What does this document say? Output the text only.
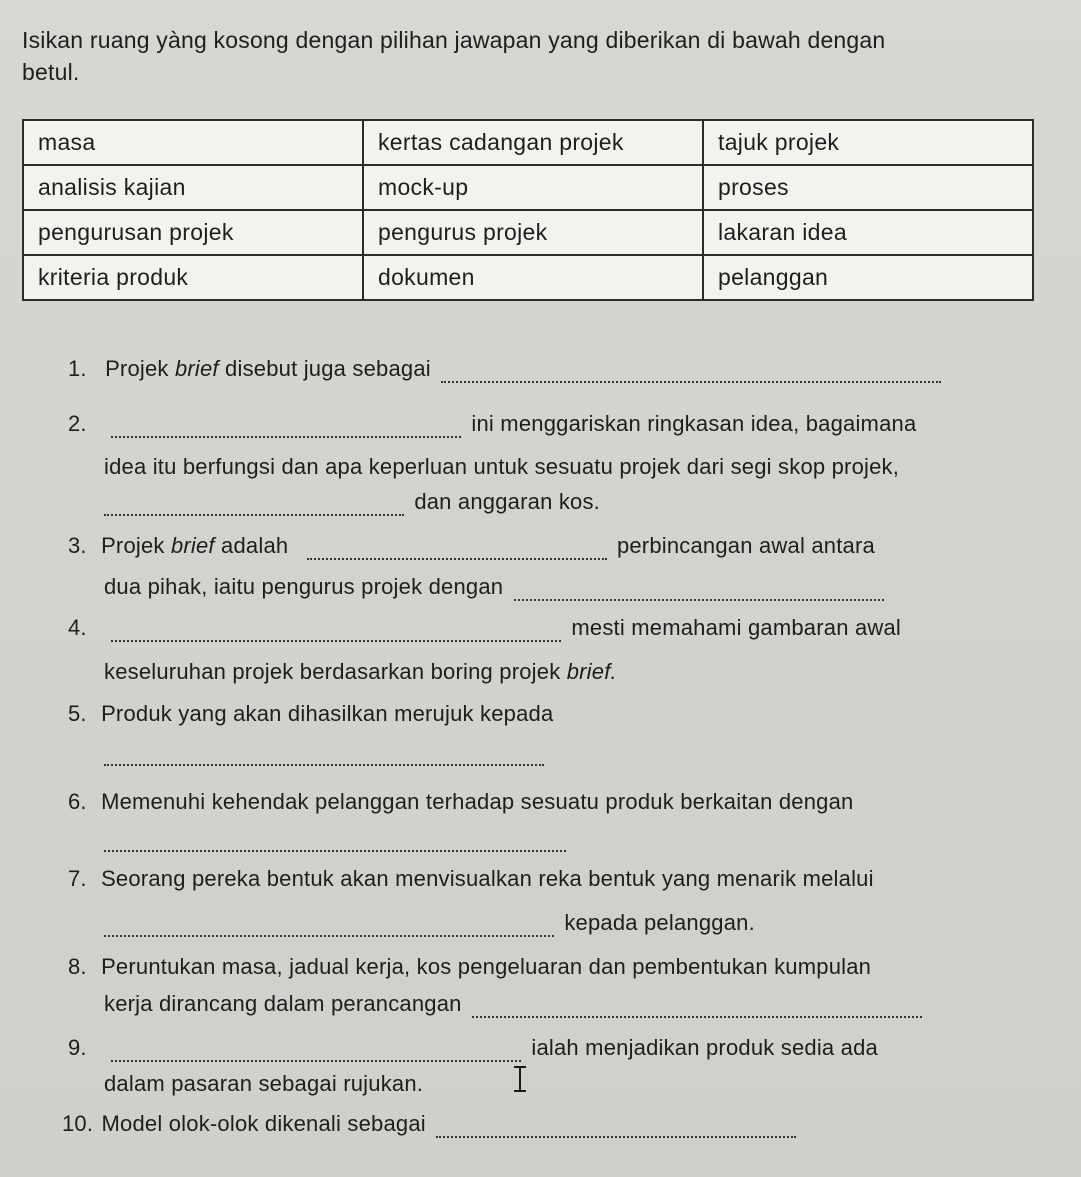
Isikan ruang yàng kosong dengan pilihan jawapan yang diberikan di bawah dengan
betul.
masa	kertas cadangan projek	tajuk projek
analisis kajian	mock-up	proses
pengurusan projek	pengurus projek	lakaran idea
kriteria produk	dokumen	pelanggan
1. Projek brief disebut juga sebagai
2.	ini menggariskan ringkasan idea, bagaimana
idea itu berfungsi dan apa keperluan untuk sesuatu projek dari segi skop projek,
dan anggaran kos.
3. Projek brief adalah	perbincangan awal antara
dua pihak, iaitu pengurus projek dengan
4.	mesti memahami gambaran awal
keseluruhan projek berdasarkan boring projek brief.
5. Produk yang akan dihasilkan merujuk kepada
6. Memenuhi kehendak pelanggan terhadap sesuatu produk berkaitan dengan
7. Seorang pereka bentuk akan menvisualkan reka bentuk yang menarik melalui
kepada pelanggan.
8. Peruntukan masa, jadual kerja, kos pengeluaran dan pembentukan kumpulan
kerja dirancang dalam perancangan
9.	ialah menjadikan produk sedia ada
dalam pasaran sebagai rujukan.
10. Model olok-olok dikenali sebagai
